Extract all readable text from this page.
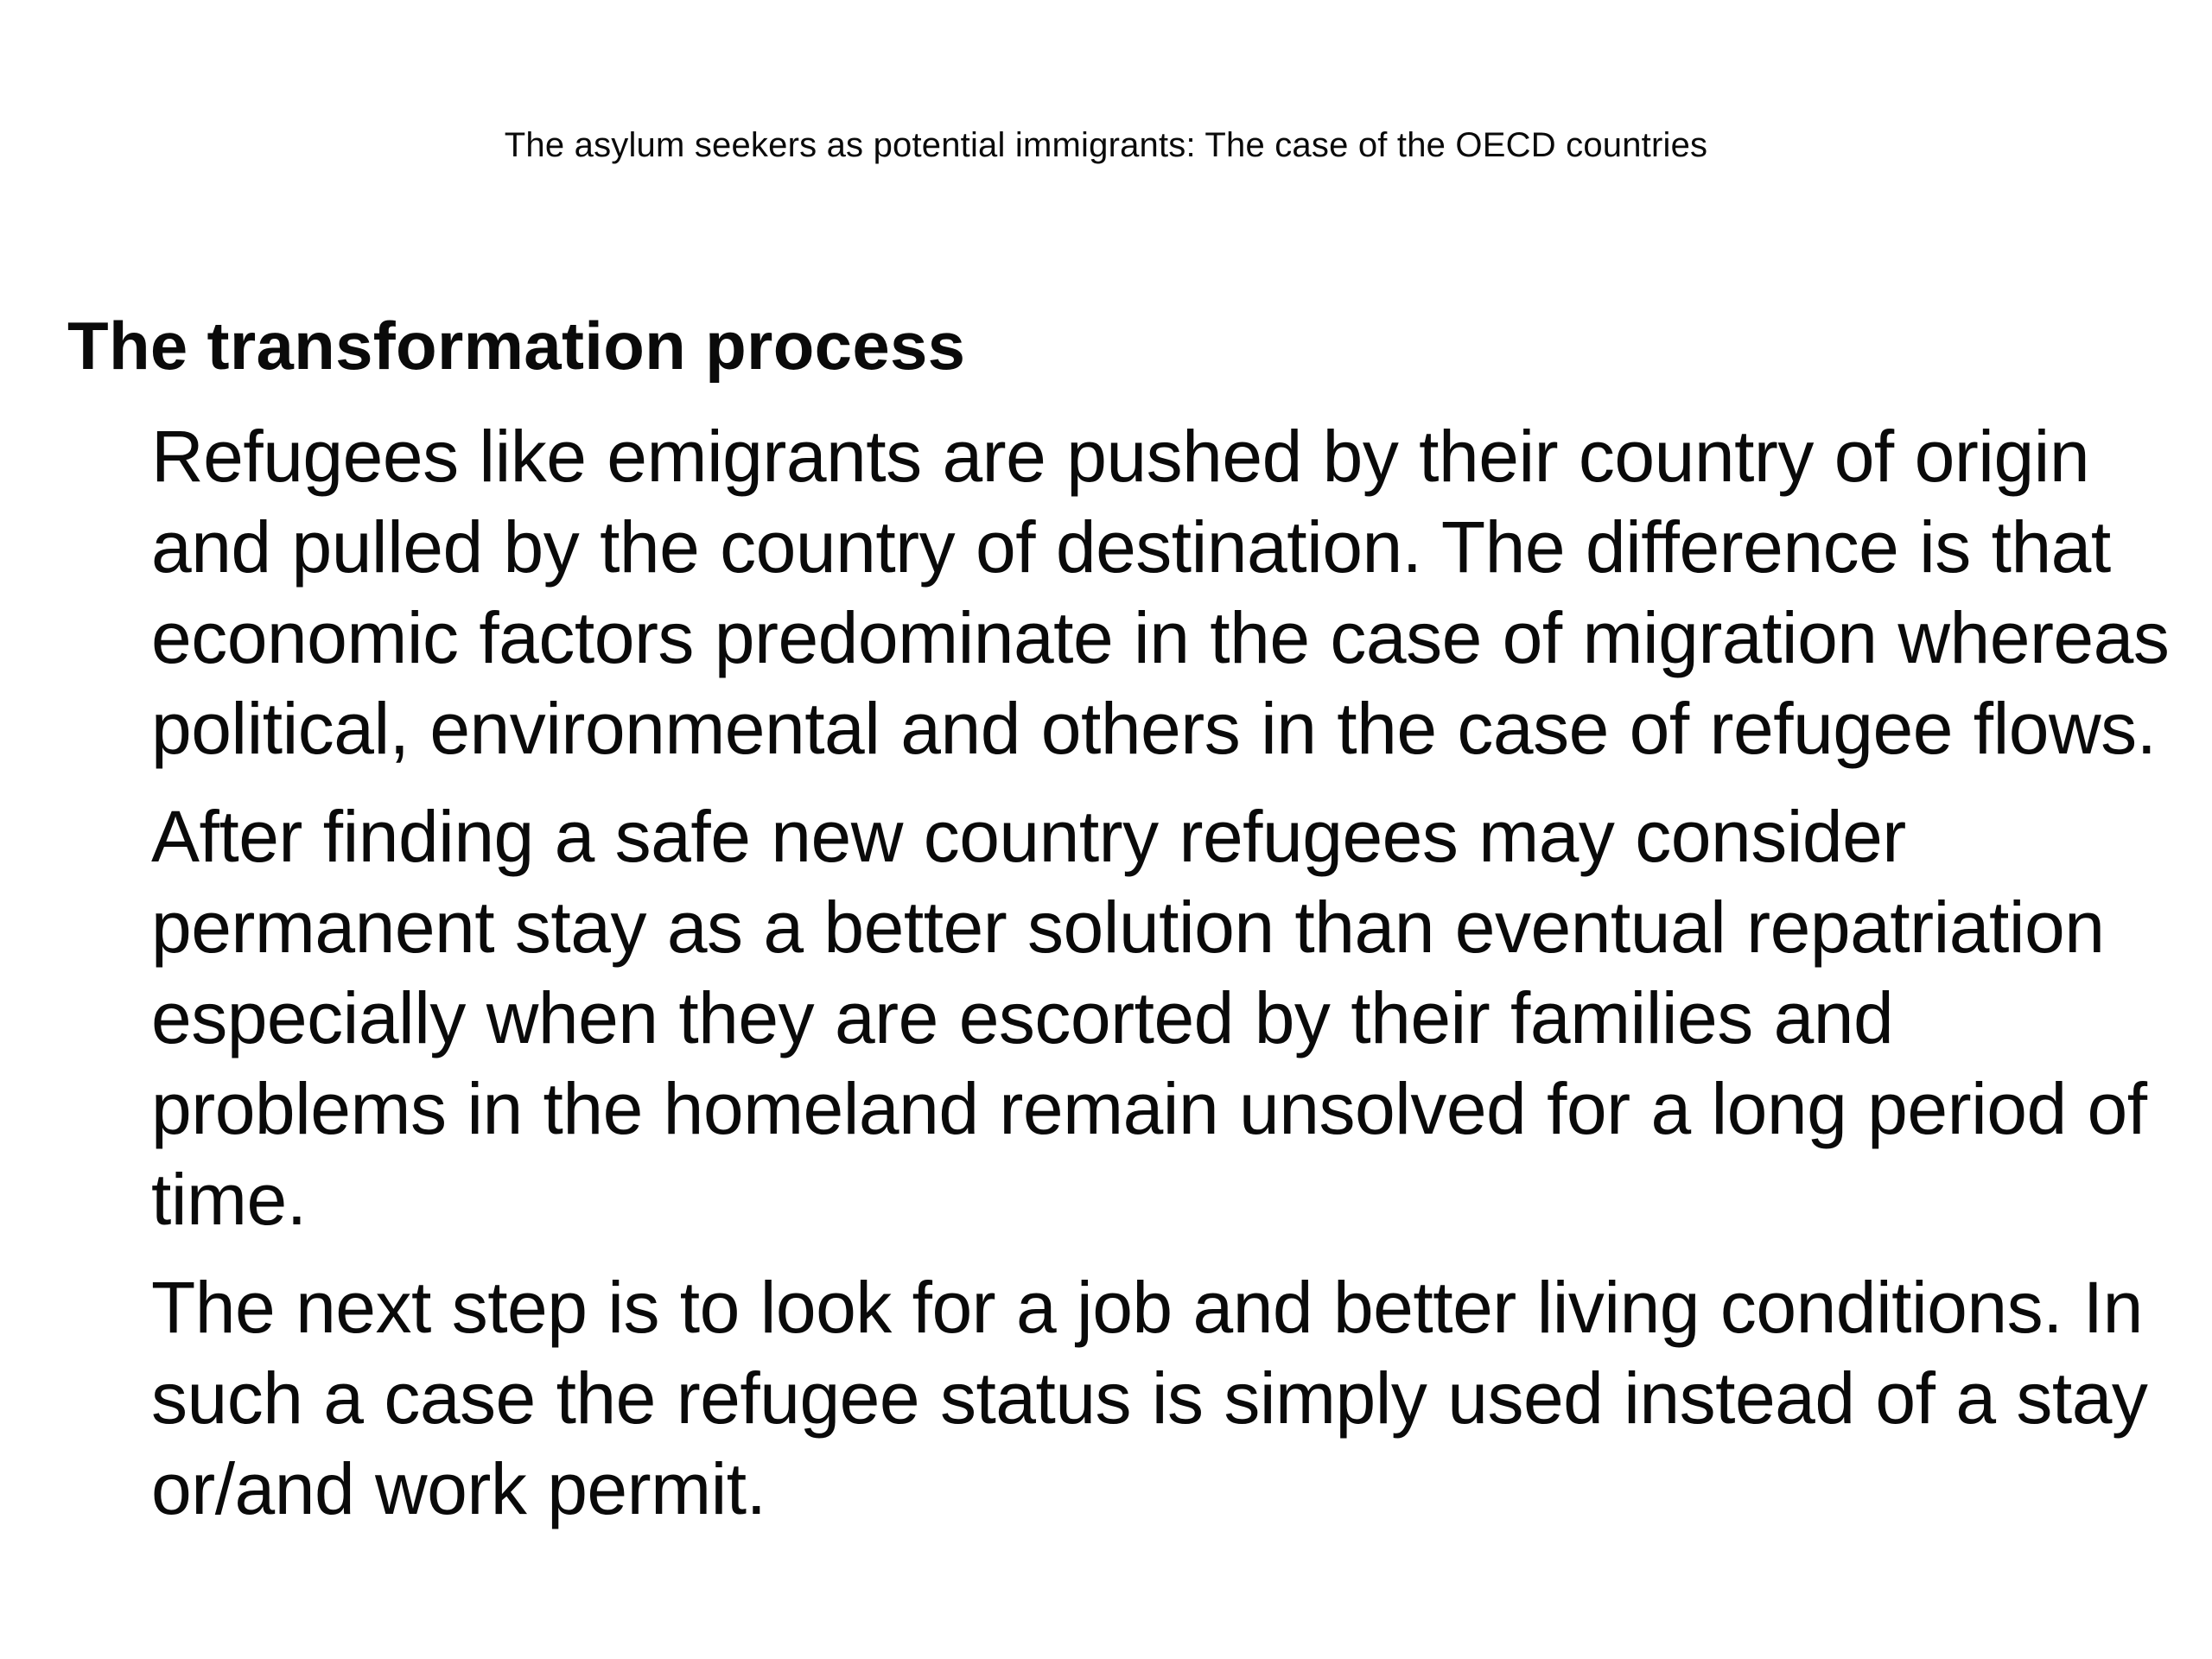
The asylum seekers as potential immigrants: The case of the OECD countries
The transformation process

Refugees like emigrants are pushed by their country of origin and pulled by the country of destination. The difference is that economic factors predominate in the case of migration whereas political, environmental and others in the case of refugee flows.

After finding a safe new country refugees may consider permanent stay as a better solution than eventual repatriation especially when they are escorted by their families and problems in the homeland remain unsolved for a long period of time.

The next step is to look for a job and better living conditions. In such a case the refugee status is simply used instead of a stay or/and work permit.
